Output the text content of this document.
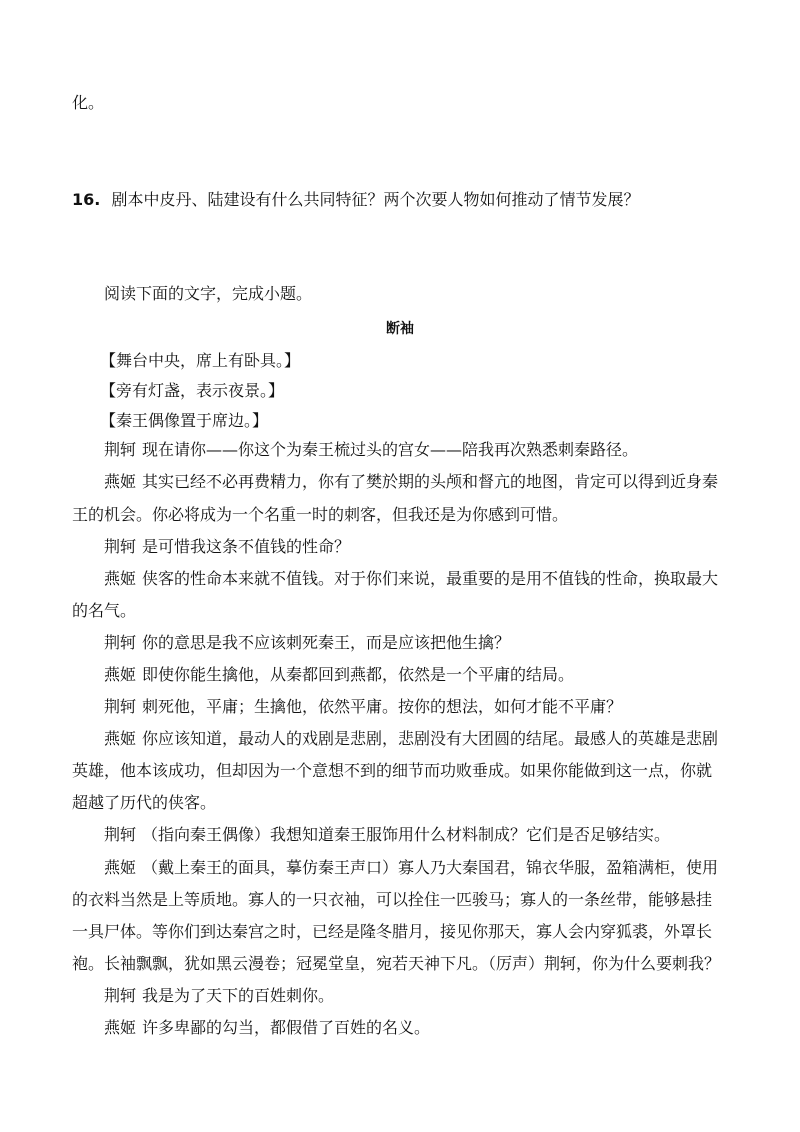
化。
16. 剧本中皮丹、陆建设有什么共同特征？两个次要人物如何推动了情节发展？
阅读下面的文字，完成小题。
断袖
【舞台中央，席上有卧具。】
【旁有灯盏，表示夜景。】
【秦王偶像置于席边。】
荆轲 现在请你——你这个为秦王梳过头的宫女——陪我再次熟悉刺秦路径。
燕姬 其实已经不必再费精力，你有了樊於期的头颅和督亢的地图，肯定可以得到近身秦
王的机会。你必将成为一个名重一时的刺客，但我还是为你感到可惜。
荆轲 是可惜我这条不值钱的性命？
燕姬 侠客的性命本来就不值钱。对于你们来说，最重要的是用不值钱的性命，换取最大
的名气。
荆轲 你的意思是我不应该刺死秦王，而是应该把他生擒？
燕姬 即使你能生擒他，从秦都回到燕都，依然是一个平庸的结局。
荆轲 刺死他，平庸；生擒他，依然平庸。按你的想法，如何才能不平庸？
燕姬 你应该知道，最动人的戏剧是悲剧，悲剧没有大团圆的结尾。最感人的英雄是悲剧
英雄，他本该成功，但却因为一个意想不到的细节而功败垂成。如果你能做到这一点，你就
超越了历代的侠客。
荆轲 （指向秦王偶像）我想知道秦王服饰用什么材料制成？它们是否足够结实。
燕姬 （戴上秦王的面具，摹仿秦王声口）寡人乃大秦国君，锦衣华服，盈箱满柜，使用
的衣料当然是上等质地。寡人的一只衣袖，可以拴住一匹骏马；寡人的一条丝带，能够悬挂
一具尸体。等你们到达秦宫之时，已经是隆冬腊月，接见你那天，寡人会内穿狐裘，外罩长
袍。长袖飘飘，犹如黑云漫卷；冠冕堂皇，宛若天神下凡。（厉声）荆轲，你为什么要刺我？
荆轲 我是为了天下的百姓刺你。
燕姬 许多卑鄙的勾当，都假借了百姓的名义。
